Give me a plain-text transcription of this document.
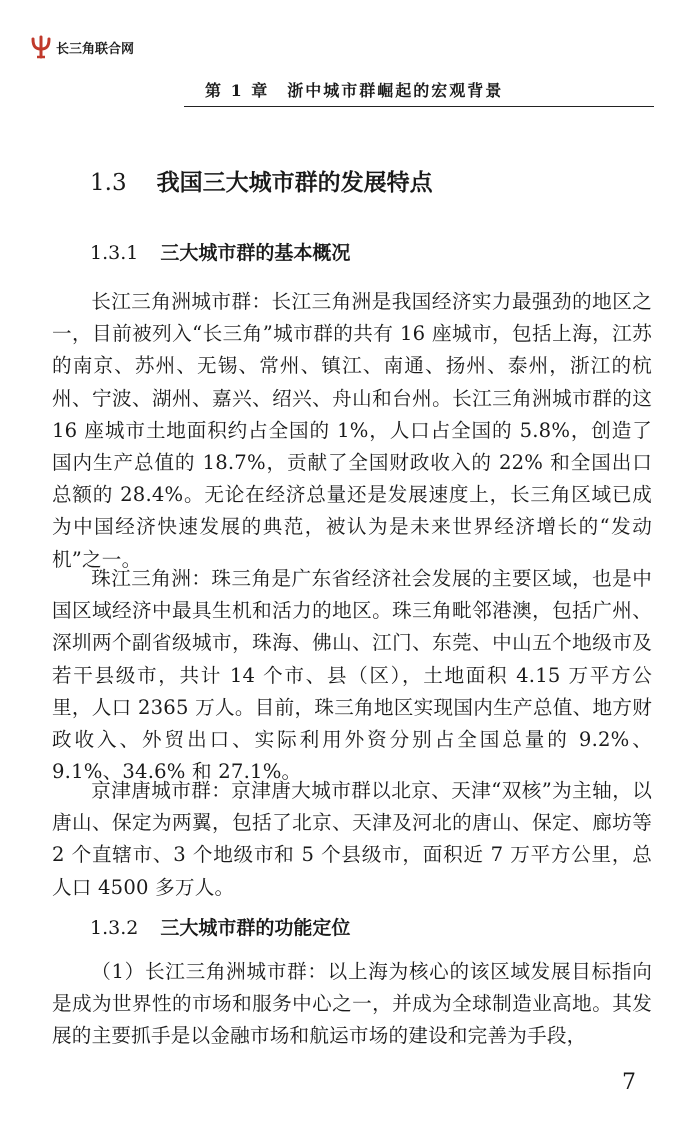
长三角联合网
第 1 章　浙中城市群崛起的宏观背景
1.3 我国三大城市群的发展特点
1.3.1 三大城市群的基本概况

长江三角洲城市群：长江三角洲是我国经济实力最强劲的地区之一，目前被列入“长三角”城市群的共有 16 座城市，包括上海，江苏的南京、苏州、无锡、常州、镇江、南通、扬州、泰州，浙江的杭州、宁波、湖州、嘉兴、绍兴、舟山和台州。长江三角洲城市群的这 16 座城市土地面积约占全国的 1%，人口占全国的 5.8%，创造了国内生产总值的 18.7%，贡献了全国财政收入的 22% 和全国出口总额的 28.4%。无论在经济总量还是发展速度上，长三角区域已成为中国经济快速发展的典范，被认为是未来世界经济增长的“发动机”之一。

珠江三角洲：珠三角是广东省经济社会发展的主要区域，也是中国区域经济中最具生机和活力的地区。珠三角毗邻港澳，包括广州、深圳两个副省级城市，珠海、佛山、江门、东莞、中山五个地级市及若干县级市，共计 14 个市、县（区），土地面积 4.15 万平方公里，人口 2365 万人。目前，珠三角地区实现国内生产总值、地方财政收入、外贸出口、实际利用外资分别占全国总量的 9.2%、9.1%、34.6% 和 27.1%。

京津唐城市群：京津唐大城市群以北京、天津“双核”为主轴，以唐山、保定为两翼，包括了北京、天津及河北的唐山、保定、廊坊等 2 个直辖市、3 个地级市和 5 个县级市，面积近 7 万平方公里，总人口 4500 多万人。

1.3.2 三大城市群的功能定位

（1）长江三角洲城市群：以上海为核心的该区域发展目标指向是成为世界性的市场和服务中心之一，并成为全球制造业高地。其发展的主要抓手是以金融市场和航运市场的建设和完善为手段，

7
